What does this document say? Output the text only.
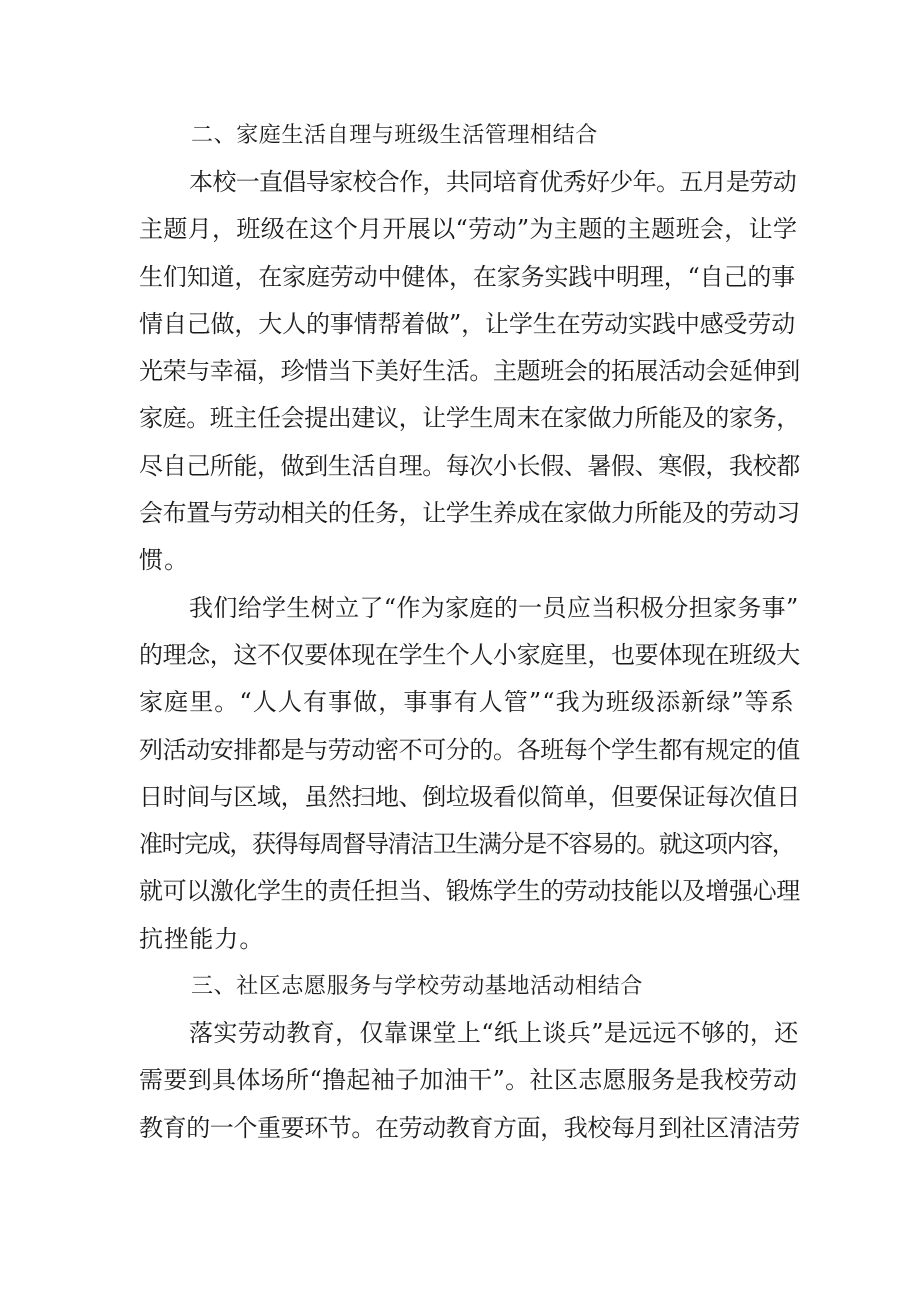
二、家庭生活自理与班级生活管理相结合

本校一直倡导家校合作，共同培育优秀好少年。五月是劳动
主题月，班级在这个月开展以“劳动”为主题的主题班会，让学
生们知道，在家庭劳动中健体，在家务实践中明理，“自己的事
情自己做，大人的事情帮着做”，让学生在劳动实践中感受劳动
光荣与幸福，珍惜当下美好生活。主题班会的拓展活动会延伸到
家庭。班主任会提出建议，让学生周末在家做力所能及的家务，
尽自己所能，做到生活自理。每次小长假、暑假、寒假，我校都
会布置与劳动相关的任务，让学生养成在家做力所能及的劳动习
惯。

我们给学生树立了“作为家庭的一员应当积极分担家务事”
的理念，这不仅要体现在学生个人小家庭里，也要体现在班级大
家庭里。“人人有事做，事事有人管”“我为班级添新绿”等系
列活动安排都是与劳动密不可分的。各班每个学生都有规定的值
日时间与区域，虽然扫地、倒垃圾看似简单，但要保证每次值日
准时完成，获得每周督导清洁卫生满分是不容易的。就这项内容，
就可以激化学生的责任担当、锻炼学生的劳动技能以及增强心理
抗挫能力。

三、社区志愿服务与学校劳动基地活动相结合

落实劳动教育，仅靠课堂上“纸上谈兵”是远远不够的，还
需要到具体场所“撸起袖子加油干”。社区志愿服务是我校劳动
教育的一个重要环节。在劳动教育方面，我校每月到社区清洁劳
